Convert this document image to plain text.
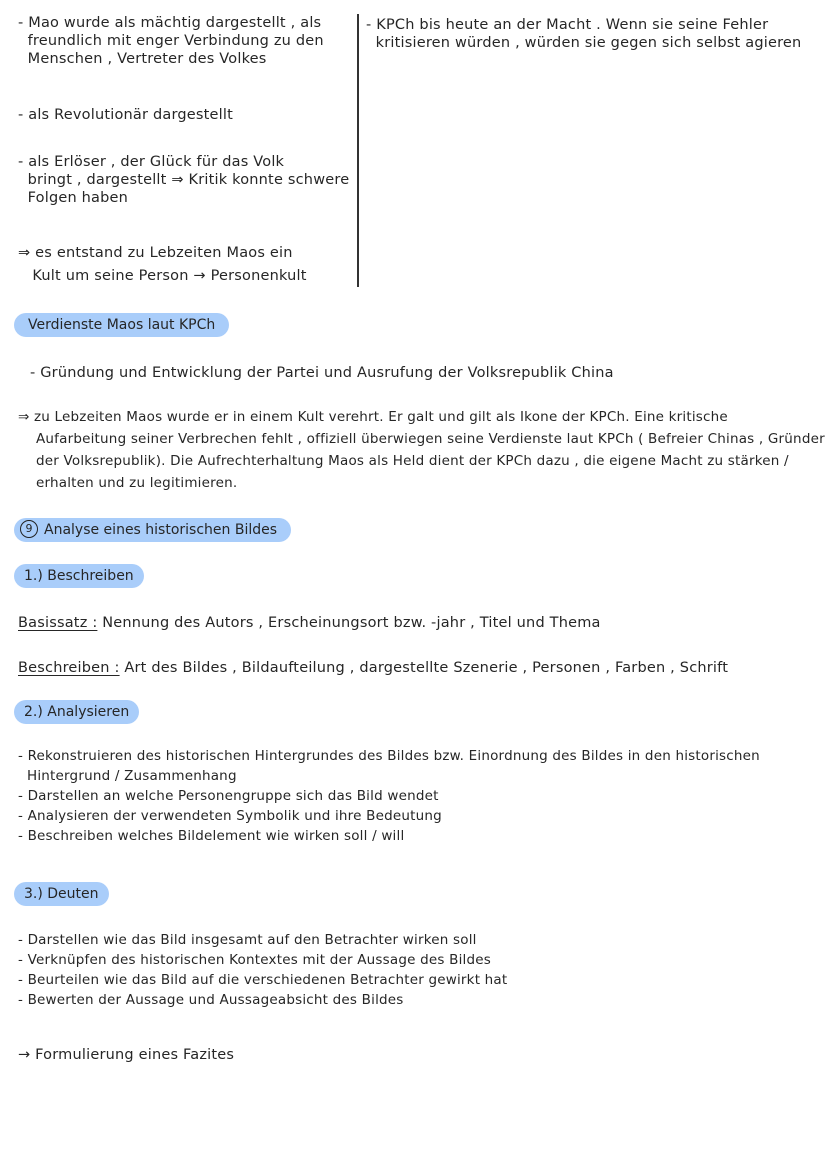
- Mao wurde als mächtig dargestellt , als
freundlich mit enger Verbindung zu den
Menschen , Vertreter des Volkes
- als Revolutionär dargestellt
- als Erlöser , der Glück für das Volk
bringt , dargestellt ⇒ Kritik konnte schwere
Folgen haben
⇒ es entstand zu Lebzeiten Maos ein
Kult um seine Person → Personenkult
- KPCh bis heute an der Macht . Wenn sie seine Fehler
kritisieren würden , würden sie gegen sich selbst agieren
Verdienste Maos laut KPCh
- Gründung und Entwicklung der Partei und Ausrufung der Volksrepublik China
⇒ zu Lebzeiten Maos wurde er in einem Kult verehrt. Er galt und gilt als Ikone der KPCh. Eine kritische
Aufarbeitung seiner Verbrechen fehlt , offiziell überwiegen seine Verdienste laut KPCh ( Befreier Chinas , Gründer
der Volksrepublik). Die Aufrechterhaltung Maos als Held dient der KPCh dazu , die eigene Macht zu stärken /
erhalten und zu legitimieren.
9 Analyse eines historischen Bildes
1.) Beschreiben
Basissatz : Nennung des Autors , Erscheinungsort bzw. -jahr , Titel und Thema
Beschreiben : Art des Bildes , Bildaufteilung , dargestellte Szenerie , Personen , Farben , Schrift
2.) Analysieren
- Rekonstruieren des historischen Hintergrundes des Bildes bzw. Einordnung des Bildes in den historischen
Hintergrund / Zusammenhang
- Darstellen an welche Personengruppe sich das Bild wendet
- Analysieren der verwendeten Symbolik und ihre Bedeutung
- Beschreiben welches Bildelement wie wirken soll / will
3.) Deuten
- Darstellen wie das Bild insgesamt auf den Betrachter wirken soll
- Verknüpfen des historischen Kontextes mit der Aussage des Bildes
- Beurteilen wie das Bild auf die verschiedenen Betrachter gewirkt hat
- Bewerten der Aussage und Aussageabsicht des Bildes
→ Formulierung eines Fazites
